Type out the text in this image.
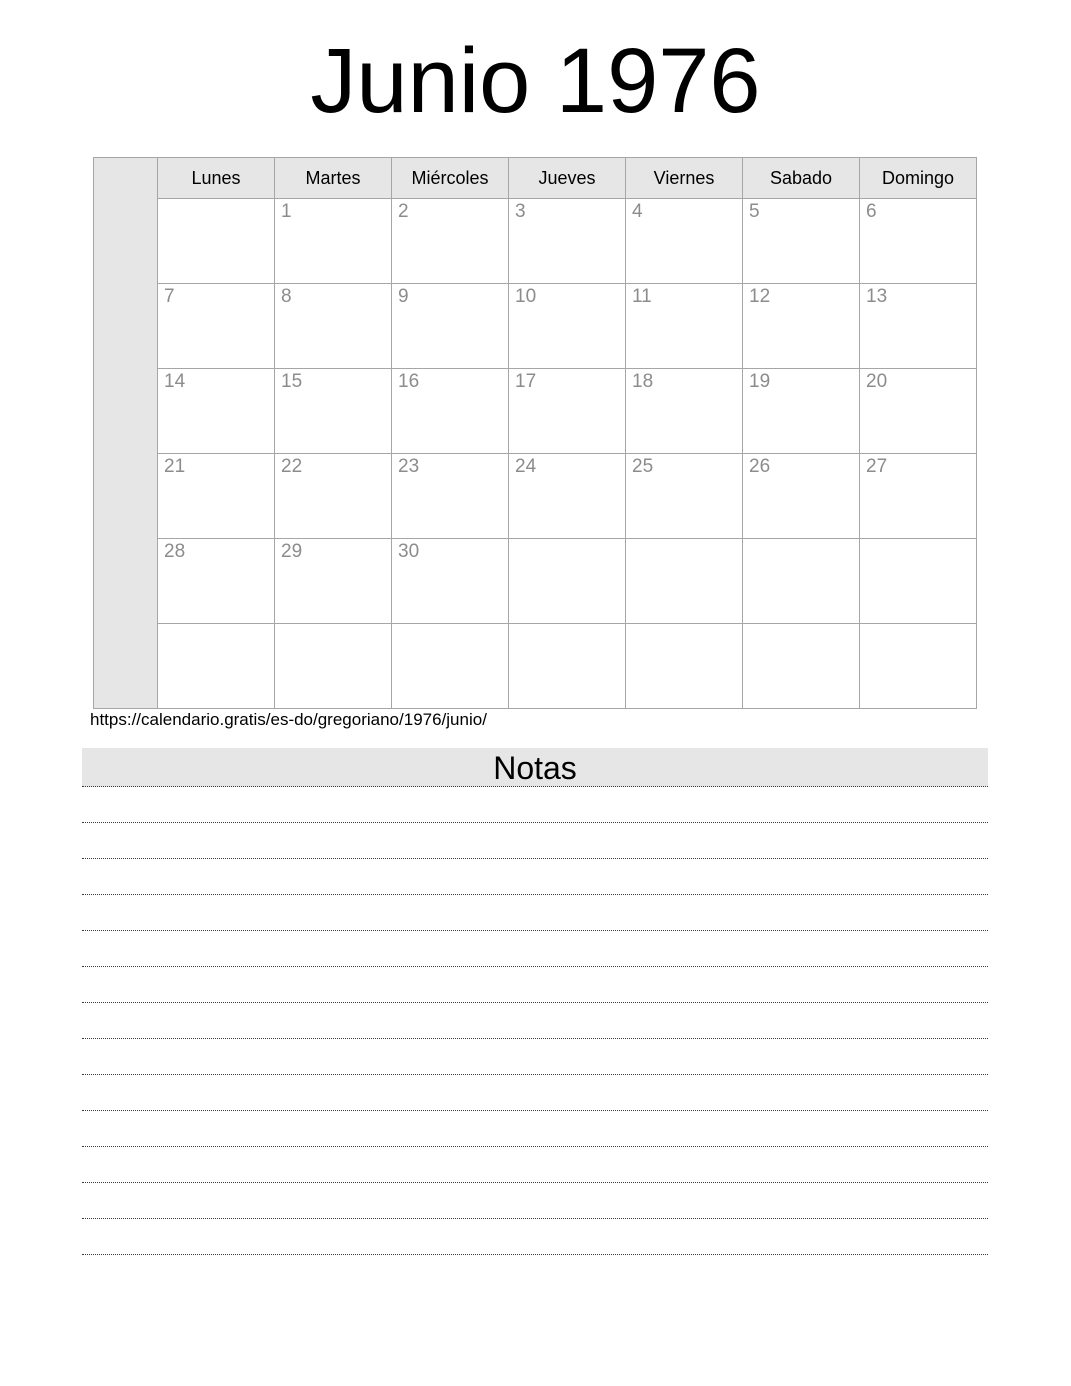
Junio 1976
	Lunes	Martes	Miércoles	Jueves	Viernes	Sabado	Domingo

		1	2	3	4	5	6

	7	8	9	10	11	12	13

	14	15	16	17	18	19	20

	21	22	23	24	25	26	27

	28	29	30				

https://calendario.gratis/es-do/gregoriano/1976/junio/
Notas
